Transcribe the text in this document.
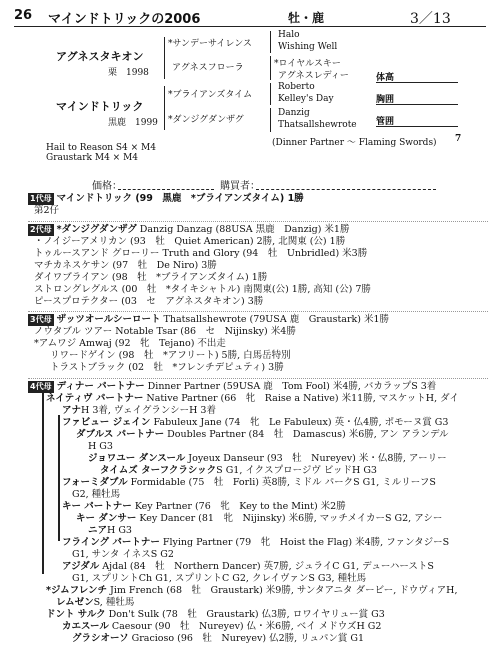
26 マインドトリックの2006	牡・鹿	3／13
アグネスタキオン
栗　1998
マインドトリック
黒鹿　1999
*サンデーサイレンス
アグネスフローラ
*ブライアンズタイム
*ダンジグダンザグ
Halo
Wishing Well
*ロイヤルスキー
アグネスレディー
Roberto
Kelley's Day
Danzig
Thatsallshewrote
(Dinner Partner ～ Flaming Swords) 7
体高
胸囲
管囲
Hail to Reason S4 × M4
Graustark M4 × M4
価格：	購買者：
1代母 マインドトリック (99　黒鹿　*ブライアンズタイム) 1勝
第2仔
2代母 *ダンジグダンザグ Danzig Danzag (88USA 黒鹿　Danzig) 米1勝
・ノイジーアメリカン (93　牡　Quiet American) 2勝, 北関東 (公) 1勝
トゥルースアンド グローリー Truth and Glory (94　牡　Unbridled) 米3勝
マチカネスケサン (97　牡　De Niro) 3勝
ダイワブライアン (98　牡　*ブライアンズタイム) 1勝
ストロングレグルス (00　牡　*タイキシャトル) 南関東(公) 1勝, 高知 (公) 7勝
ピースプロテクター (03　セ　アグネスタキオン) 3勝
3代母 ザッツオールシーロート Thatsallshewrote (79USA 鹿　Graustark) 米1勝
ノウタブル ツアー Notable Tsar (86　セ　Nijinsky) 米4勝
*アムワジ Amwaj (92　牝　Tejano) 不出走
リワードゲイン (98　牡　*アフリート) 5勝, 白馬岳特別
トラストブラック (02　牡　*フレンチデピュティ) 3勝
4代母 ディナー パートナー Dinner Partner (59USA 鹿　Tom Fool) 米4勝, バカラップS 3着
ネイティヴ パートナー Native Partner (66　牝　Raise a Native) 米11勝, マスケットH, ダイ
アナH 3着, ヴェイグランシーH 3着
ファビュー ジェイン Fabuleux Jane (74　牝　Le Fabuleux) 英・仏4勝, ポモーヌ賞 G3
ダブルス パートナー Doubles Partner (84　牡　Damascus) 米6勝, アン アランデル
H G3
ジョワユー ダンスール Joyeux Danseur (93　牡　Nureyev) 米・仏8勝, アーリー
タイムズ ターフクラシックS G1, イクスプロージヴ ビッドH G3
フォーミダブル Formidable (75　牡　Forli) 英8勝, ミドル パークS G1, ミルリーフS
G2, 種牡馬
キー パートナー Key Partner (76　牝　Key to the Mint) 米2勝
キー ダンサー Key Dancer (81　牝　Nijinsky) 米6勝, マッチメイカーS G2, アシー
ニアH G3
フライング パートナー Flying Partner (79　牝　Hoist the Flag) 米4勝, ファンタジーS
G1, サンタ イネスS G2
アジダル Ajdal (84　牡　Northern Dancer) 英7勝, ジュライC G1, デューハーストS
G1, スプリントCh G1, スプリントC G2, クレイヴァンS G3, 種牡馬
*ジムフレンチ Jim French (68　牡　Graustark) 米9勝, サンタアニタ ダービー, ドウヴィアH,
レムゼンS, 種牡馬
ドント サルク Don't Sulk (78　牡　Graustark) 仏3勝, ロワイヤリュー賞 G3
カエスール Caesour (90　牡　Nureyev) 仏・米6勝, ベイ メドウズH G2
グラシオーソ Gracioso (96　牡　Nureyev) 仏2勝, リュパン賞 G1
